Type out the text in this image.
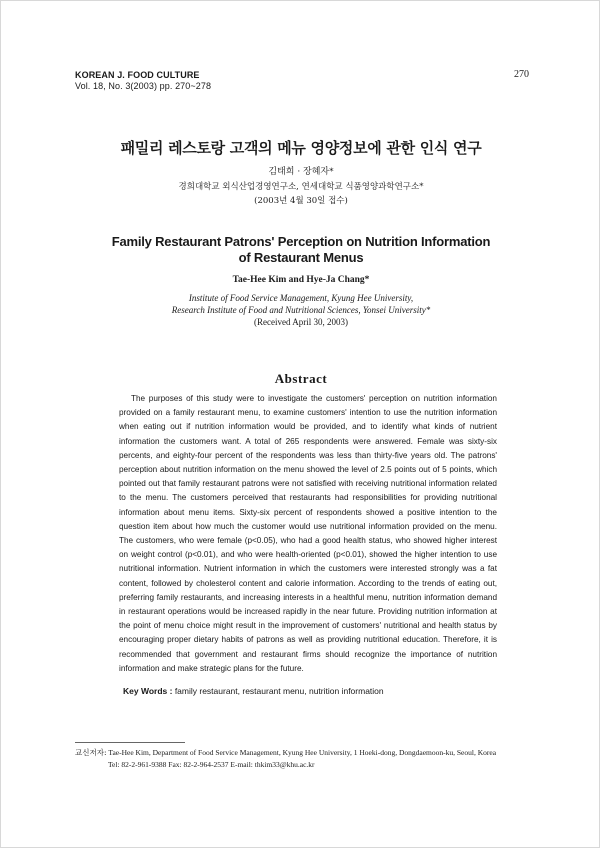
KOREAN J. FOOD CULTURE
Vol. 18, No. 3(2003) pp. 270~278
270
패밀리 레스토랑 고객의 메뉴 영양정보에 관한 인식 연구
김태희 · 장혜자*
경희대학교 외식산업경영연구소, 연세대학교 식품영양과학연구소*
(2003년 4월 30일 접수)
Family Restaurant Patrons' Perception on Nutrition Information
of Restaurant Menus
Tae-Hee Kim and Hye-Ja Chang*
Institute of Food Service Management, Kyung Hee University,
Research Institute of Food and Nutritional Sciences, Yonsei University*
(Received April 30, 2003)
Abstract
The purposes of this study were to investigate the customers' perception on nutrition information provided on a family restaurant menu, to examine customers' intention to use the nutrition information when eating out if nutrition information would be provided, and to identify what kinds of nutrient information the customers want. A total of 265 respondents were answered. Female was sixty-six percents, and eighty-four percent of the respondents was less than thirty-five years old. The patrons' perception about nutrition information on the menu showed the level of 2.5 points out of 5 points, which pointed out that family restaurant patrons were not satisfied with receiving nutritional information related to the menu. The customers perceived that restaurants had responsibilities for providing nutritional information about menu items. Sixty-six percent of respondents showed a positive intention to the question item about how much the customer would use nutritional information provided on the menu. The customers, who were female (p<0.05), who had a good health status, who showed higher interest on weight control (p<0.01), and who were health-oriented (p<0.01), showed the higher intention to use nutritional information. Nutrient information in which the customers were interested strongly was a fat content, followed by cholesterol content and calorie information. According to the trends of eating out, preferring family restaurants, and increasing interests in a healthful menu, nutrition information demand in restaurant operations would be increased rapidly in the near future. Providing nutrition information at the point of menu choice might result in the improvement of customers' nutritional and health status by encouraging proper dietary habits of patrons as well as providing nutritional education. Therefore, it is recommended that government and restaurant firms should recognize the importance of nutrition information and make strategic plans for the future.
Key Words : family restaurant, restaurant menu, nutrition information
교신저자: Tae-Hee Kim, Department of Food Service Management, Kyung Hee University, 1 Hoeki-dong, Dongdaemoon-ku, Seoul, Korea
Tel: 82-2-961-9388 Fax: 82-2-964-2537 E-mail: thkim33@khu.ac.kr
